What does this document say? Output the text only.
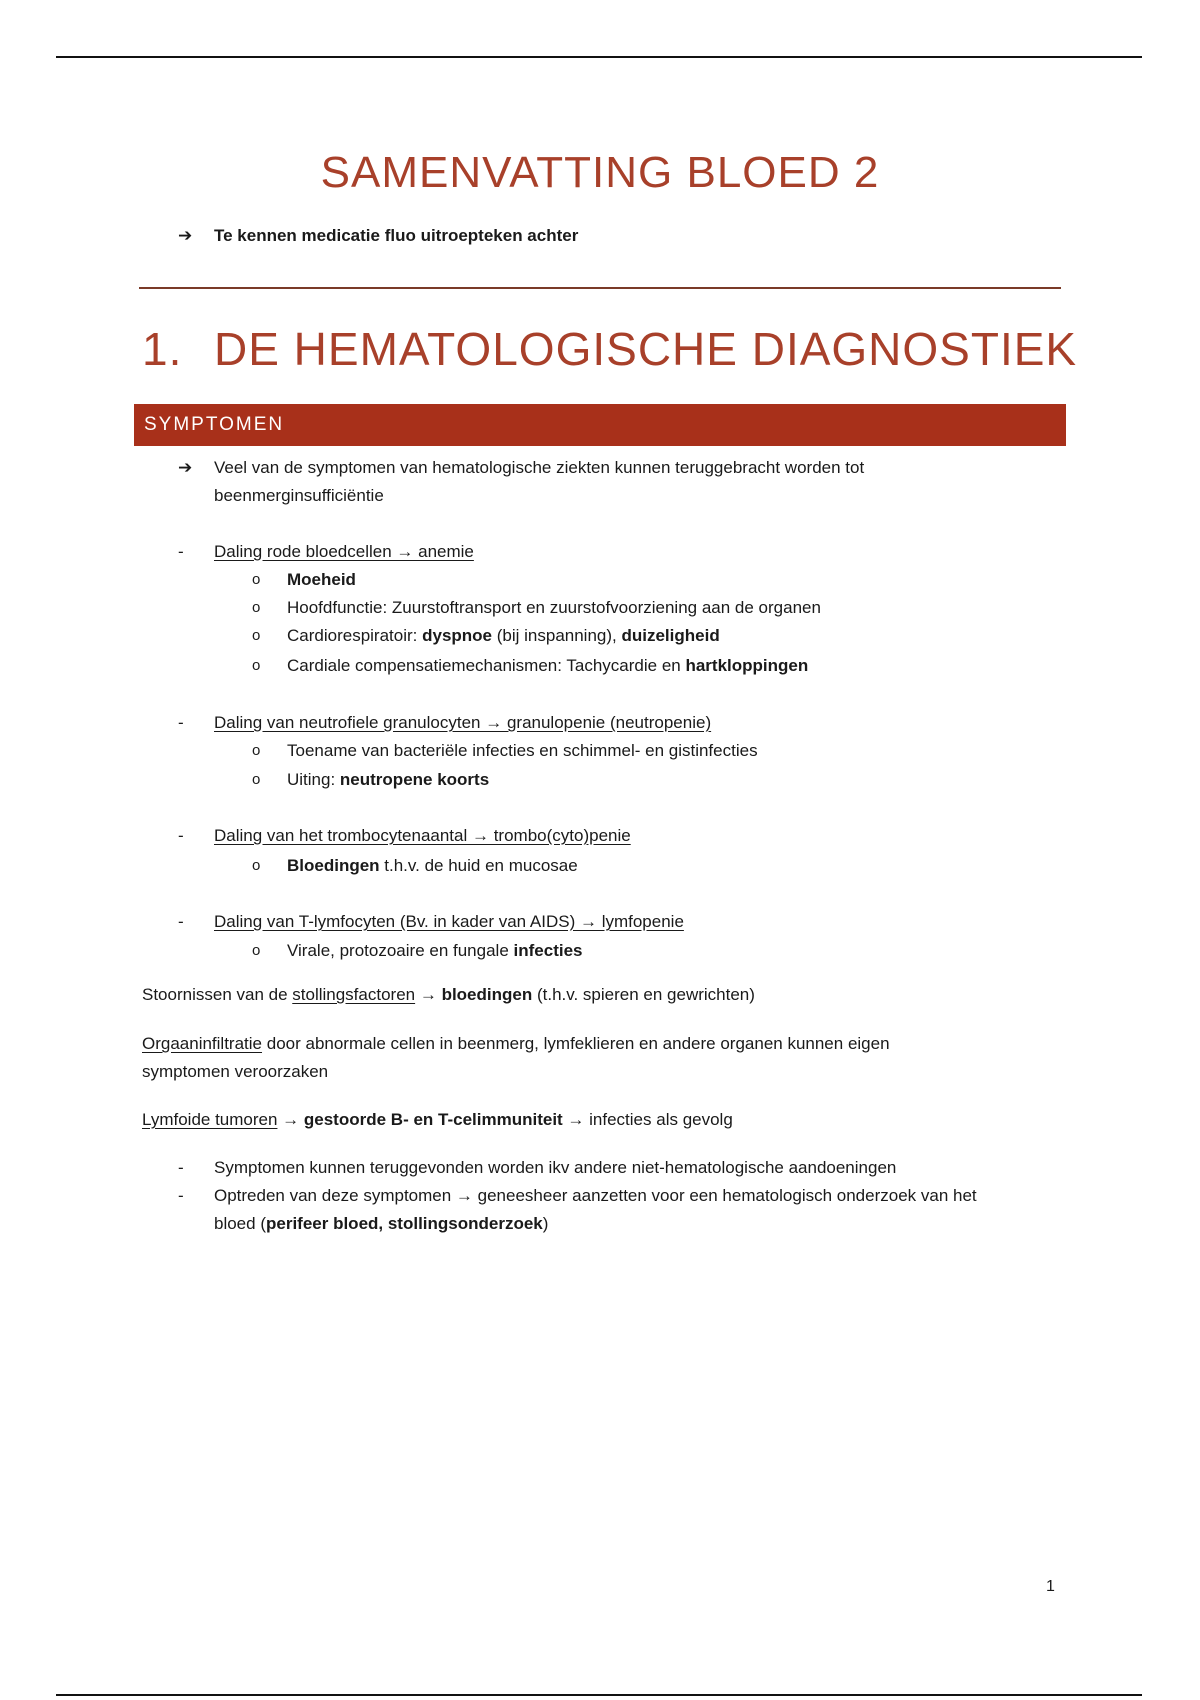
SAMENVATTING BLOED 2
➔ Te kennen medicatie fluo uitroepteken achter
1. DE HEMATOLOGISCHE DIAGNOSTIEK
SYMPTOMEN
➔ Veel van de symptomen van hematologische ziekten kunnen teruggebracht worden tot
beenmerginsufficiëntie
- Daling rode bloedcellen → anemie
o Moeheid
o Hoofdfunctie: Zuurstoftransport en zuurstofvoorziening aan de organen
o Cardiorespiratoir: dyspnoe (bij inspanning), duizeligheid
o Cardiale compensatiemechanismen: Tachycardie en hartkloppingen
- Daling van neutrofiele granulocyten → granulopenie (neutropenie)
o Toename van bacteriële infecties en schimmel- en gistinfecties
o Uiting: neutropene koorts
- Daling van het trombocytenaantal → trombo(cyto)penie
o Bloedingen t.h.v. de huid en mucosae
- Daling van T-lymfocyten (Bv. in kader van AIDS) → lymfopenie
o Virale, protozoaire en fungale infecties
Stoornissen van de stollingsfactoren → bloedingen (t.h.v. spieren en gewrichten)
Orgaaninfiltratie door abnormale cellen in beenmerg, lymfeklieren en andere organen kunnen eigen
symptomen veroorzaken
Lymfoide tumoren → gestoorde B- en T-celimmuniteit → infecties als gevolg
- Symptomen kunnen teruggevonden worden ikv andere niet-hematologische aandoeningen
- Optreden van deze symptomen → geneesheer aanzetten voor een hematologisch onderzoek van het
bloed (perifeer bloed, stollingsonderzoek)
1
